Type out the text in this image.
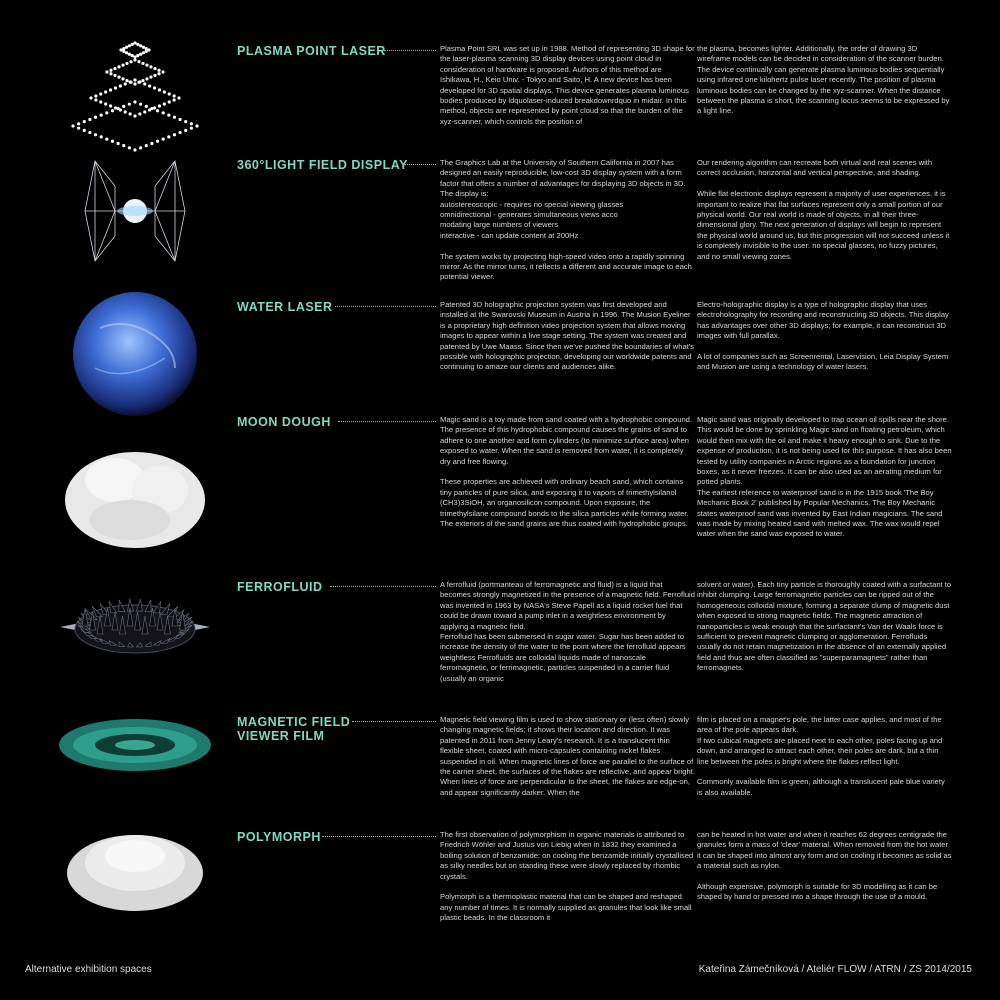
PLASMA POINT LASER	Plasma Point SRL was set up in 1988. Method of representing 3D shape for the laser-plasma scanning 3D display devices using point cloud in consideration of hardware is proposed. Authors of this method are Ishikawa, H., Keio Univ. - Tokyo and Saito, H. A new device has been developed for 3D spatial displays. This device generates plasma luminous bodies produced by ldquolaser-induced breakdownrdquo in midair. In this method, objects are represented by point cloud so that the burden of the xyz-scanner, which controls the position of
the plasma, becomes lighter. Additionally, the order of drawing 3D wireframe models can be decided in consideration of the scanner burden. The device continually can generate plasma luminous bodies sequentially using infrared one kilohertz pulse laser recently. The position of plasma luminous bodies can be changed by the xyz-scanner. When the distance between the plasma is short, the scanning locus seems to be expressed by a light line.
360°LIGHT FIELD DISPLAY	The Graphics Lab at the University of Southern California in 2007 has designed an easily reproducible, low-cost 3D display system with a form factor that offers a number of advantages for displaying 3D objects in 3D. The display is:
autostereoscopic - requires no special viewing glasses
omnidirectional - generates simultaneous views acco
modating large numbers of viewers
interactive - can update content at 200Hz

The system works by projecting high-speed video onto a rapidly spinning mirror. As the mirror turns, it reflects a different and accurate image to each potential viewer.
Our rendering algorithm can recreate both virtual and real scenes with correct occlusion, horizontal and vertical perspective, and shading.

While flat electronic displays represent a majority of user experiences, it is important to realize that flat surfaces represent only a small portion of our physical world. Our real world is made of objects, in all their three-dimensional glory. The next generation of displays will begin to represent the physical world around us, but this progression will not succeed unless it is completely invisible to the user: no special glasses, no fuzzy pictures, and no small viewing zones.
WATER LASER	Patented 3D holographic projection system was first developed and installed at the Swarovski Museum in Austria in 1996. The Musion Eyeliner is a proprietary high definition video projection system that allows moving images to appear within a live stage setting. The system was created and patented by Uwe Maass. Since then we've pushed the boundaries of what's possible with holographic projection, developing our worldwide patents and continuing to amaze our clients and audiences alike.
Electro-holographic display is a type of holographic display that uses electroholography for recording and reconstructing 3D objects. This display has advantages over other 3D displays; for example, it can reconstruct 3D images with full parallax.

A lot of companies such as Screenrental, Laservision, Leia Display System and Musion are using a technology of water lasers.
MOON DOUGH	Magic sand is a toy made from sand coated with a hydrophobic compound. The presence of this hydrophobic compound causes the grains of sand to adhere to one another and form cylinders (to minimize surface area) when exposed to water. When the sand is removed from water, it is completely dry and free flowing.

These properties are achieved with ordinary beach sand, which contains tiny particles of pure silica, and exposing it to vapors of trimethylsilanol (CH3)3SiOH, an organosilicon compound. Upon exposure, the trimethylsilane compound bonds to the silica particles while forming water. The exteriors of the sand grains are thus coated with hydrophobic groups.
Magic sand was originally developed to trap ocean oil spills near the shore. This would be done by sprinkling Magic sand on floating petroleum, which would then mix with the oil and make it heavy enough to sink. Due to the expense of production, it is not being used for this purpose. It has also been tested by utility companies in Arctic regions as a foundation for junction boxes, as it never freezes. It can be also used as an aerating medium for potted plants.
The earliest reference to waterproof sand is in the 1915 book 'The Boy Mechanic Book 2' published by Popular Mechanics. The Boy Mechanic states waterproof sand was invented by East Indian magicians. The sand was made by mixing heated sand with melted wax. The wax would repel water when the sand was exposed to water.
FERROFLUID	A ferrofluid (portmanteau of ferromagnetic and fluid) is a liquid that becomes strongly magnetized in the presence of a magnetic field. Ferrofluid was invented in 1963 by NASA's Steve Papell as a liquid rocket fuel that could be drawn toward a pump inlet in a weightless environment by applying a magnetic field.
Ferrofluid has been submersed in sugar water. Sugar has been added to increase the density of the water to the point where the ferrofluid appears weightless Ferrofluids are colloidal liquids made of nanoscale ferromagnetic, or ferrimagnetic, particles suspended in a carrier fluid (usually an organic
solvent or water). Each tiny particle is thoroughly coated with a surfactant to inhibit clumping. Large ferromagnetic particles can be ripped out of the homogeneous colloidal mixture, forming a separate clump of magnetic dust when exposed to strong magnetic fields. The magnetic attraction of nanoparticles is weak enough that the surfactant's Van der Waals force is sufficient to prevent magnetic clumping or agglomeration. Ferrofluids usually do not retain magnetization in the absence of an externally applied field and thus are often classified as "superparamagnets" rather than ferromagnets.
MAGNETIC FIELD
VIEWER FILM
Magnetic field viewing film is used to show stationary or (less often) slowly changing magnetic fields; it shows their location and direction. It was patented in 2011 from Jenny Leary's research. It is a translucent thin flexible sheet, coated with micro-capsules containing nickel flakes suspended in oil. When magnetic lines of force are parallel to the surface of the carrier sheet, the surfaces of the flakes are reflective, and appear bright. When lines of force are perpendicular to the sheet, the flakes are edge-on, and appear significantly darker. When the
film is placed on a magnet's pole, the latter case applies, and most of the area of the pole appears dark.
If two cubical magnets are placed next to each other, poles facing up and down, and arranged to attract each other, their poles are dark, but a thin line between the poles is bright where the flakes reflect light.

Commonly available film is green, although a translucent pale blue variety is also available.
POLYMORPH	The first observation of polymorphism in organic materials is attributed to Friedrich Wöhler and Justus von Liebig when in 1832 they examined a boiling solution of benzamide: on cooling the benzamide initially crystallised as silky needles but on standing these were slowly replaced by rhombic crystals.

Polymorph is a thermoplastic material that can be shaped and reshaped any number of times. It is normally supplied as granules that look like small plastic beads. In the classroom it
can be heated in hot water and when it reaches 62 degrees centigrade the granules form a mass of 'clear' material. When removed from the hot water it can be shaped into almost any form and on cooling it becomes as solid as a material such as nylon.

Although expensive, polymorph is suitable for 3D modelling as it can be shaped by hand or pressed into a shape through the use of a mould.
Alternative exhibition spaces	Kateřina Zámečníková / Ateliér FLOW / ATRN / ZS 2014/2015
